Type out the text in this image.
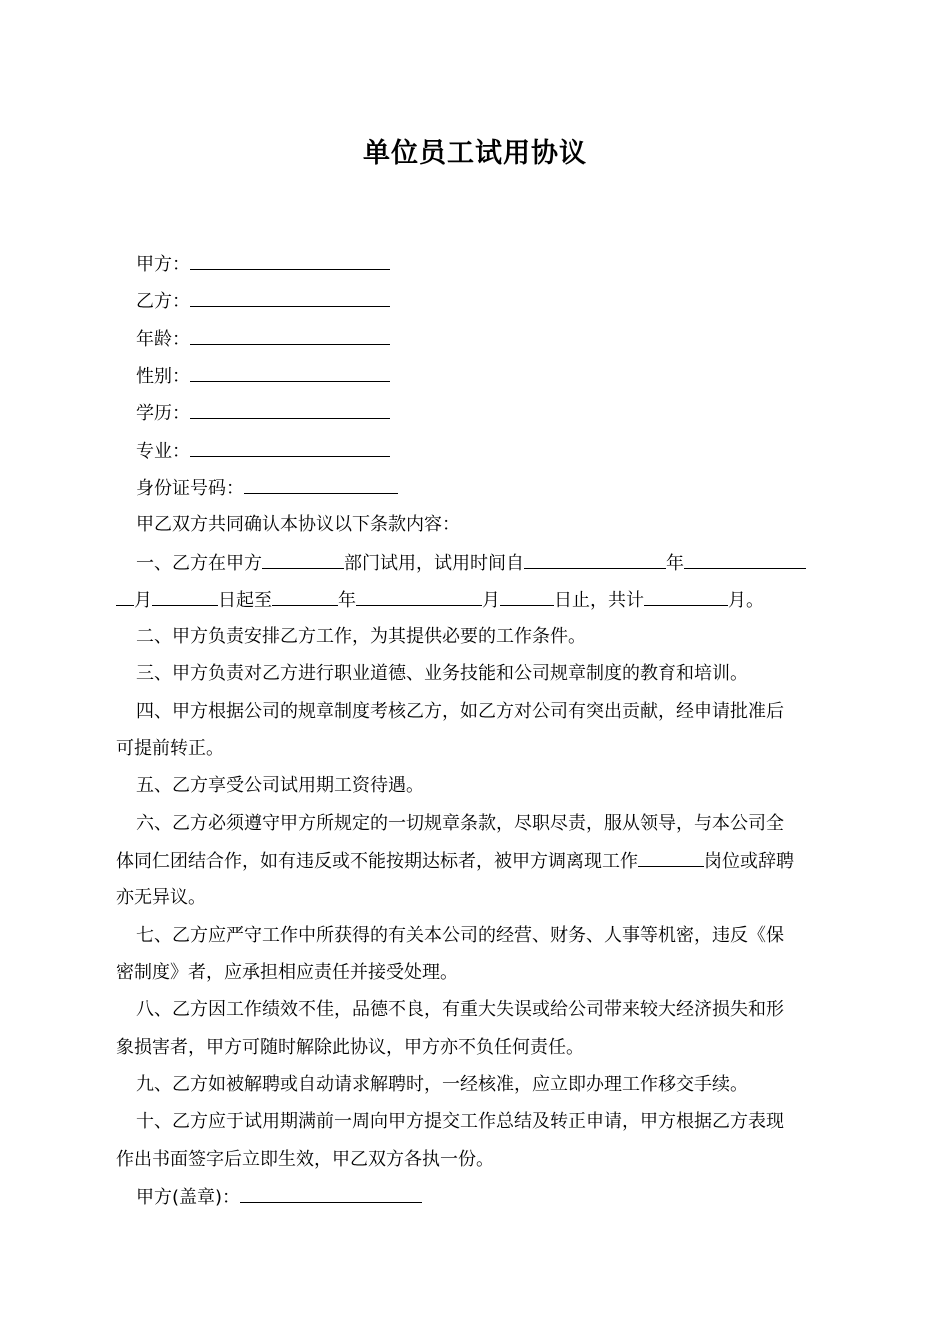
单位员工试用协议
甲方：
乙方：
年龄：
性别：
学历：
专业：
身份证号码：
甲乙双方共同确认本协议以下条款内容：
一、乙方在甲方	部门试用，试用时间自	年
月	日起至	年	月	日止，共计	月。
二、甲方负责安排乙方工作，为其提供必要的工作条件。
三、甲方负责对乙方进行职业道德、业务技能和公司规章制度的教育和培训。
四、甲方根据公司的规章制度考核乙方，如乙方对公司有突出贡献，经申请批准后
可提前转正。
五、乙方享受公司试用期工资待遇。
六、乙方必须遵守甲方所规定的一切规章条款，尽职尽责，服从领导，与本公司全
体同仁团结合作，如有违反或不能按期达标者，被甲方调离现工作	岗位或辞聘
亦无异议。
七、乙方应严守工作中所获得的有关本公司的经营、财务、人事等机密，违反《保
密制度》者，应承担相应责任并接受处理。
八、乙方因工作绩效不佳，品德不良，有重大失误或给公司带来较大经济损失和形
象损害者，甲方可随时解除此协议，甲方亦不负任何责任。
九、乙方如被解聘或自动请求解聘时，一经核准，应立即办理工作移交手续。
十、乙方应于试用期满前一周向甲方提交工作总结及转正申请，甲方根据乙方表现
作出书面签字后立即生效，甲乙双方各执一份。
甲方(盖章)：
